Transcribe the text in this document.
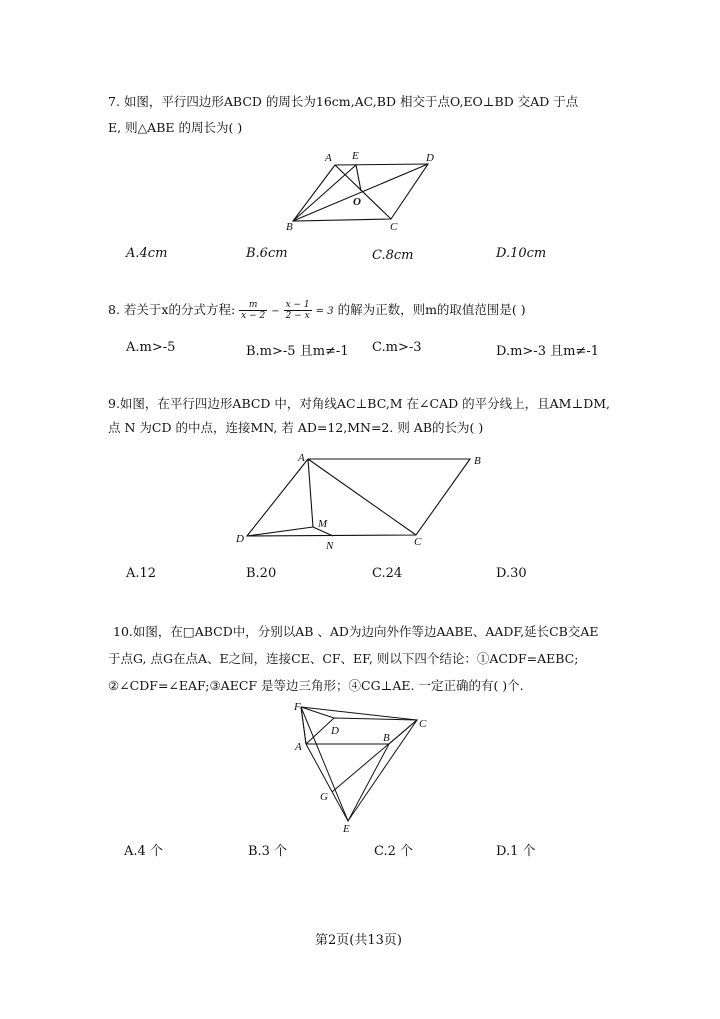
7. 如图，平行四边形ABCD 的周长为16cm,AC,BD 相交于点O,EO⊥BD 交AD 于点
E, 则△ABE 的周长为( )
A E	D
O
B	C
A.4cm	B.6cm	C.8cm	D.10cm
8. 若关于x的分式方程: $\frac{m}{x - 2} - \frac{x - 1}{2 - x} = 3$ 的解为正数，则m的取值范围是( )
A.m>-5	B.m>-5 且m≠-1 C.m>-3	D.m>-3 且m≠-1
9.如图，在平行四边形ABCD 中，对角线AC⊥BC,M 在∠CAD 的平分线上，且AM⊥DM,
点 N 为CD 的中点，连接MN, 若 AD=12,MN=2. 则 AB的长为( )
A	B
M
D
N	C
A.12	B.20	C.24	D.30
10.如图，在□ABCD中，分别以AB 、AD为边向外作等边AABE、AADF,延长CB交AE
于点G, 点G在点A、E之间，连接CE、CF、EF, 则以下四个结论：①ACDF=AEBC;
②∠CDF=∠EAF;③AECF 是等边三角形；④CG⊥AE. 一定正确的有( )个.
F
D
C
A
B
G
E
A.4 个	B.3 个	C.2 个	D.1 个
第2页(共13页)
